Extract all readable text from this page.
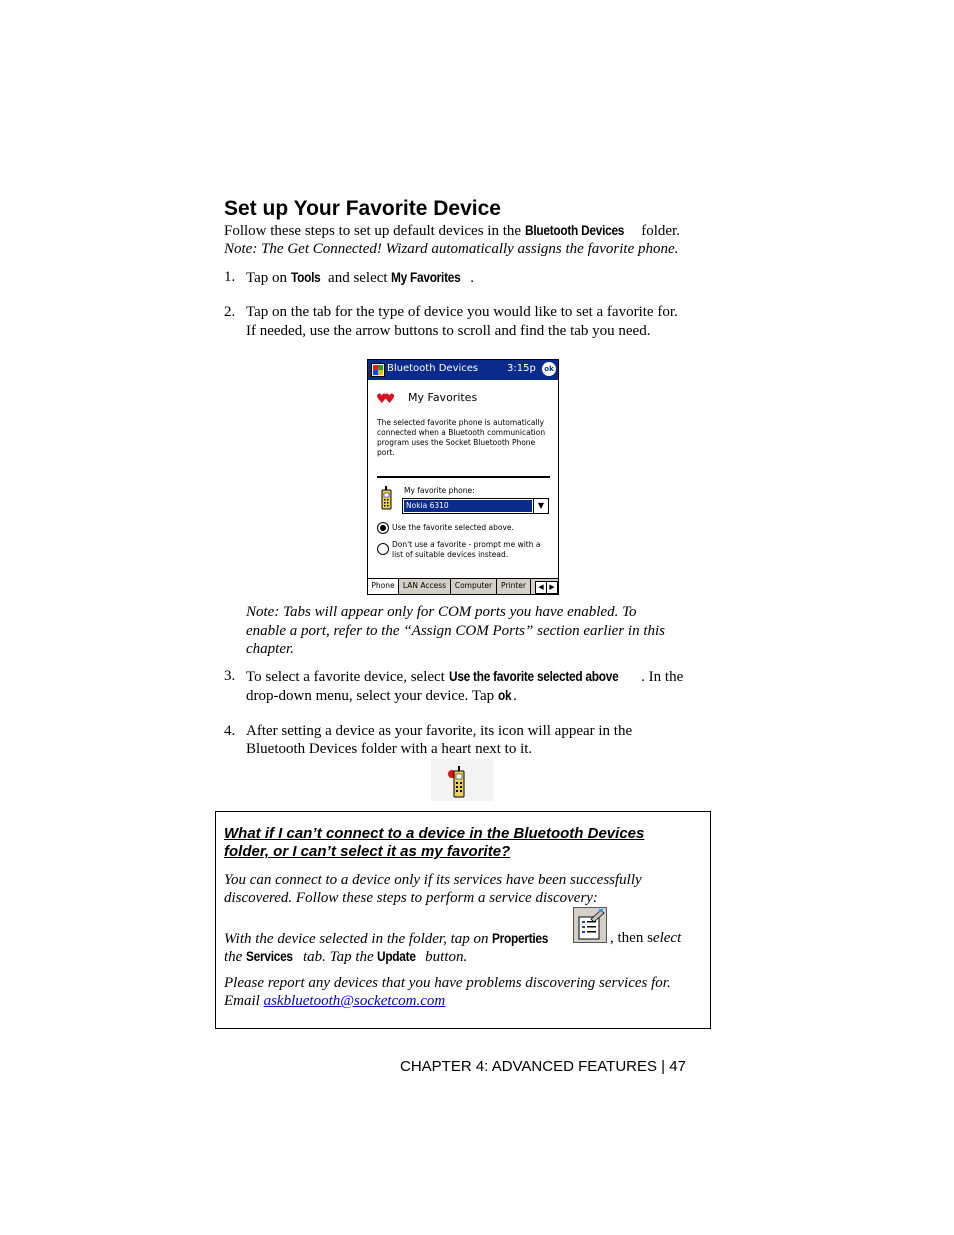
Set up Your Favorite Device
Follow these steps to set up default devices in the Bluetooth Devices folder.
Note: The Get Connected! Wizard automatically assigns the favorite phone.
1. Tap on Tools and select My Favorites .
2. Tap on the tab for the type of device you would like to set a favorite for.
If needed, use the arrow buttons to scroll and find the tab you need.
Bluetooth Devices	3:15p	ok
♥♥ My Favorites
The selected favorite phone is automatically connected when a Bluetooth communication program uses the Socket Bluetooth Phone port.
My favorite phone:
Nokia 6310	▼
Use the favorite selected above.
Don't use a favorite - prompt me with a list of suitable devices instead.
Phone	LAN Access	Computer	Printer	◀ ▶
Note: Tabs will appear only for COM ports you have enabled. To
enable a port, refer to the “Assign COM Ports” section earlier in this
chapter.
3. To select a favorite device, select Use the favorite selected above . In the
drop-down menu, select your device. Tap ok .
4. After setting a device as your favorite, its icon will appear in the
Bluetooth Devices folder with a heart next to it.
What if I can’t connect to a device in the Bluetooth Devices
folder, or I can’t select it as my favorite?
You can connect to a device only if its services have been successfully
discovered. Follow these steps to perform a service discovery:
With the device selected in the folder, tap on Properties	, then select
the Services tab. Tap the Update button.
Please report any devices that you have problems discovering services for.
Email askbluetooth@socketcom.com
CHAPTER 4: ADVANCED FEATURES | 47
